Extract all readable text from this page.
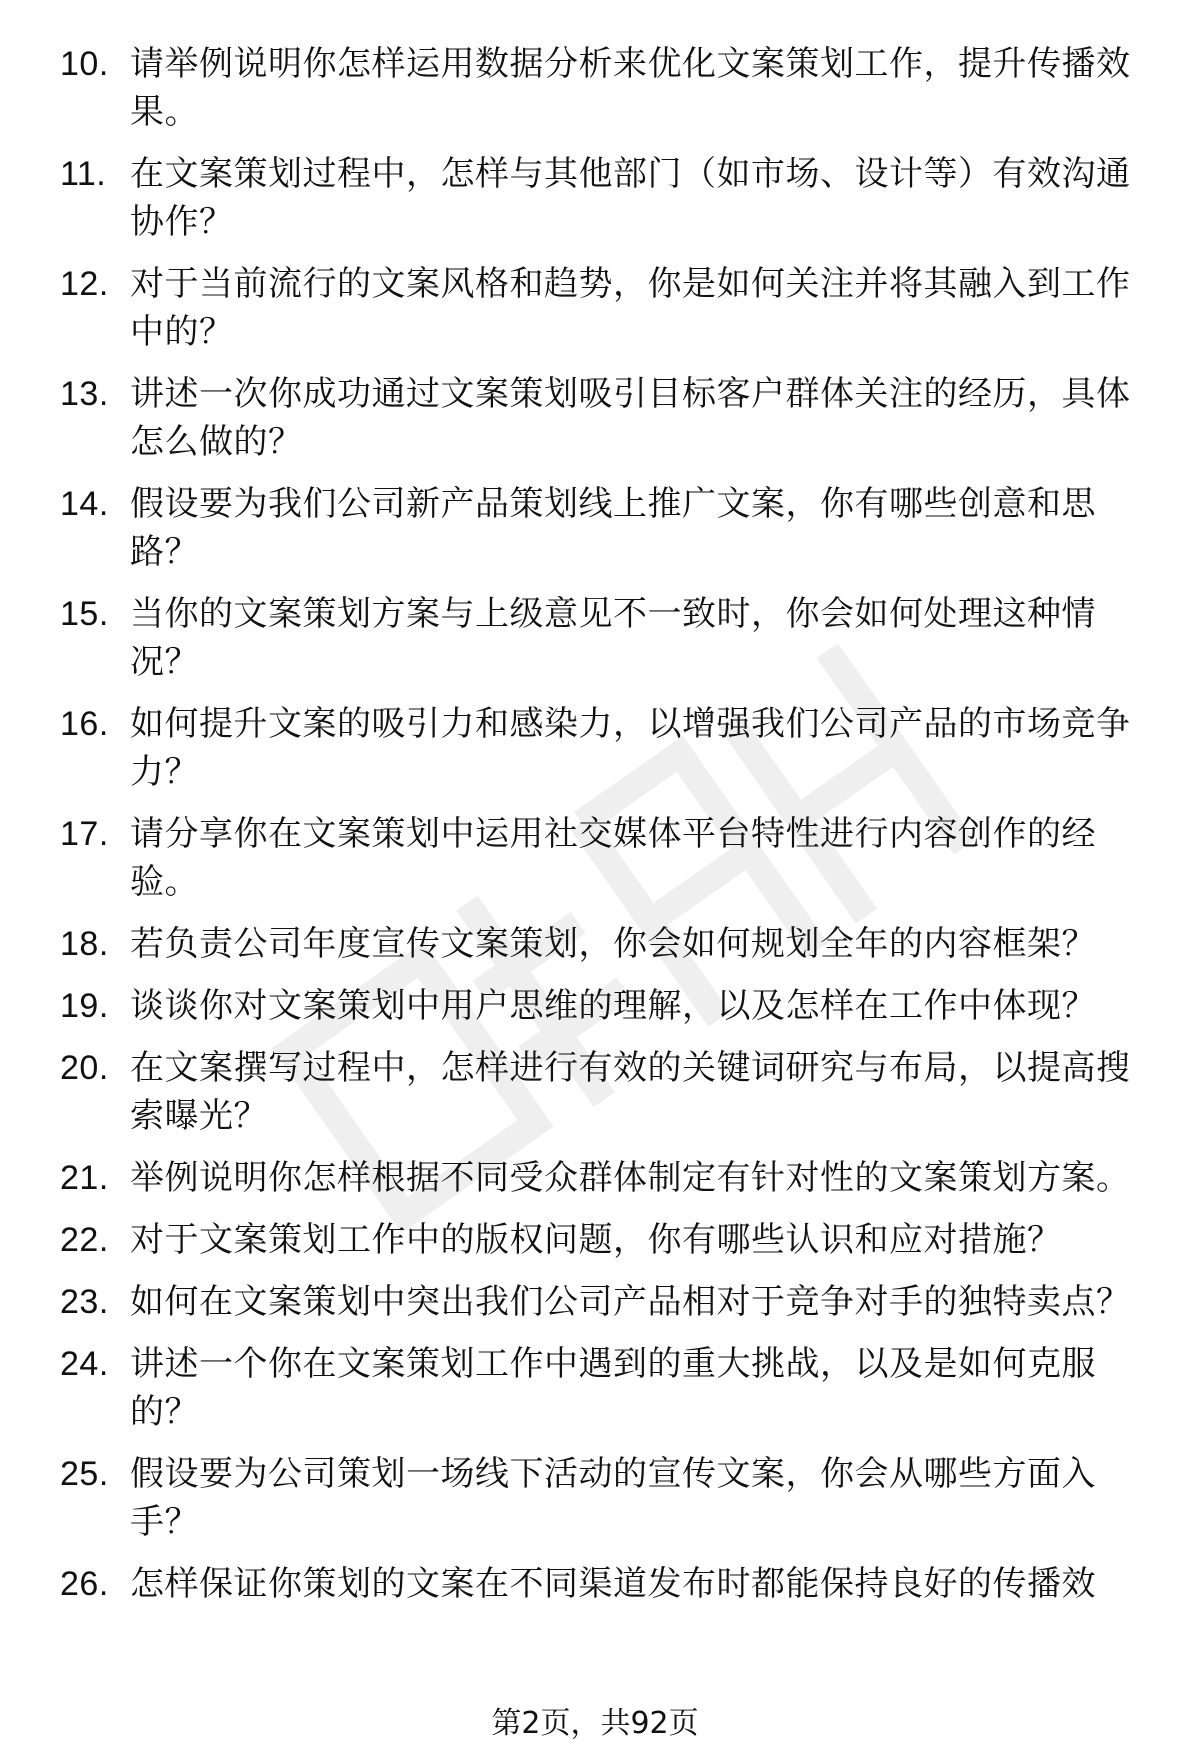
10. 请举例说明你怎样运用数据分析来优化文案策划工作，提升传播效果。
11. 在文案策划过程中，怎样与其他部门（如市场、设计等）有效沟通协作？
12. 对于当前流行的文案风格和趋势，你是如何关注并将其融入到工作中的？
13. 讲述一次你成功通过文案策划吸引目标客户群体关注的经历，具体怎么做的？
14. 假设要为我们公司新产品策划线上推广文案，你有哪些创意和思路？
15. 当你的文案策划方案与上级意见不一致时，你会如何处理这种情况？
16. 如何提升文案的吸引力和感染力，以增强我们公司产品的市场竞争力？
17. 请分享你在文案策划中运用社交媒体平台特性进行内容创作的经验。
18. 若负责公司年度宣传文案策划，你会如何规划全年的内容框架？
19. 谈谈你对文案策划中用户思维的理解，以及怎样在工作中体现？
20. 在文案撰写过程中，怎样进行有效的关键词研究与布局，以提高搜索曝光？
21. 举例说明你怎样根据不同受众群体制定有针对性的文案策划方案。
22. 对于文案策划工作中的版权问题，你有哪些认识和应对措施？
23. 如何在文案策划中突出我们公司产品相对于竞争对手的独特卖点？
24. 讲述一个你在文案策划工作中遇到的重大挑战，以及是如何克服的？
25. 假设要为公司策划一场线下活动的宣传文案，你会从哪些方面入手？
26. 怎样保证你策划的文案在不同渠道发布时都能保持良好的传播效
第2页，共92页
